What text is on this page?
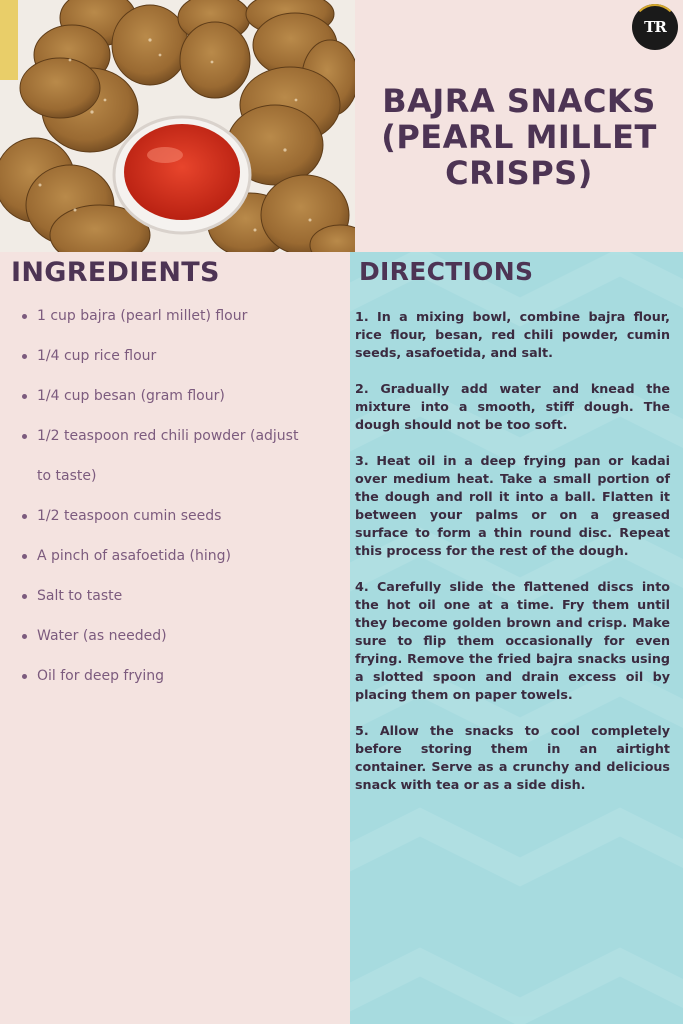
TR
BAJRA SNACKS
(PEARL MILLET
CRISPS)
INGREDIENTS	DIRECTIONS
1 cup bajra (pearl millet) flour
1/4 cup rice flour
1/4 cup besan (gram flour)
1/2 teaspoon red chili powder (adjust
to taste)
1/2 teaspoon cumin seeds
A pinch of asafoetida (hing)
Salt to taste
Water (as needed)
Oil for deep frying

1. In a mixing bowl, combine bajra flour, rice flour, besan, red chili powder, cumin seeds, asafoetida, and salt.

2. Gradually add water and knead the mixture into a smooth, stiff dough. The dough should not be too soft.

3. Heat oil in a deep frying pan or kadai over medium heat. Take a small portion of the dough and roll it into a ball. Flatten it between your palms or on a greased surface to form a thin round disc. Repeat this process for the rest of the dough.

4. Carefully slide the flattened discs into the hot oil one at a time. Fry them until they become golden brown and crisp. Make sure to flip them occasionally for even frying. Remove the fried bajra snacks using a slotted spoon and drain excess oil by placing them on paper towels.

5. Allow the snacks to cool completely before storing them in an airtight container. Serve as a crunchy and delicious snack with tea or as a side dish.
